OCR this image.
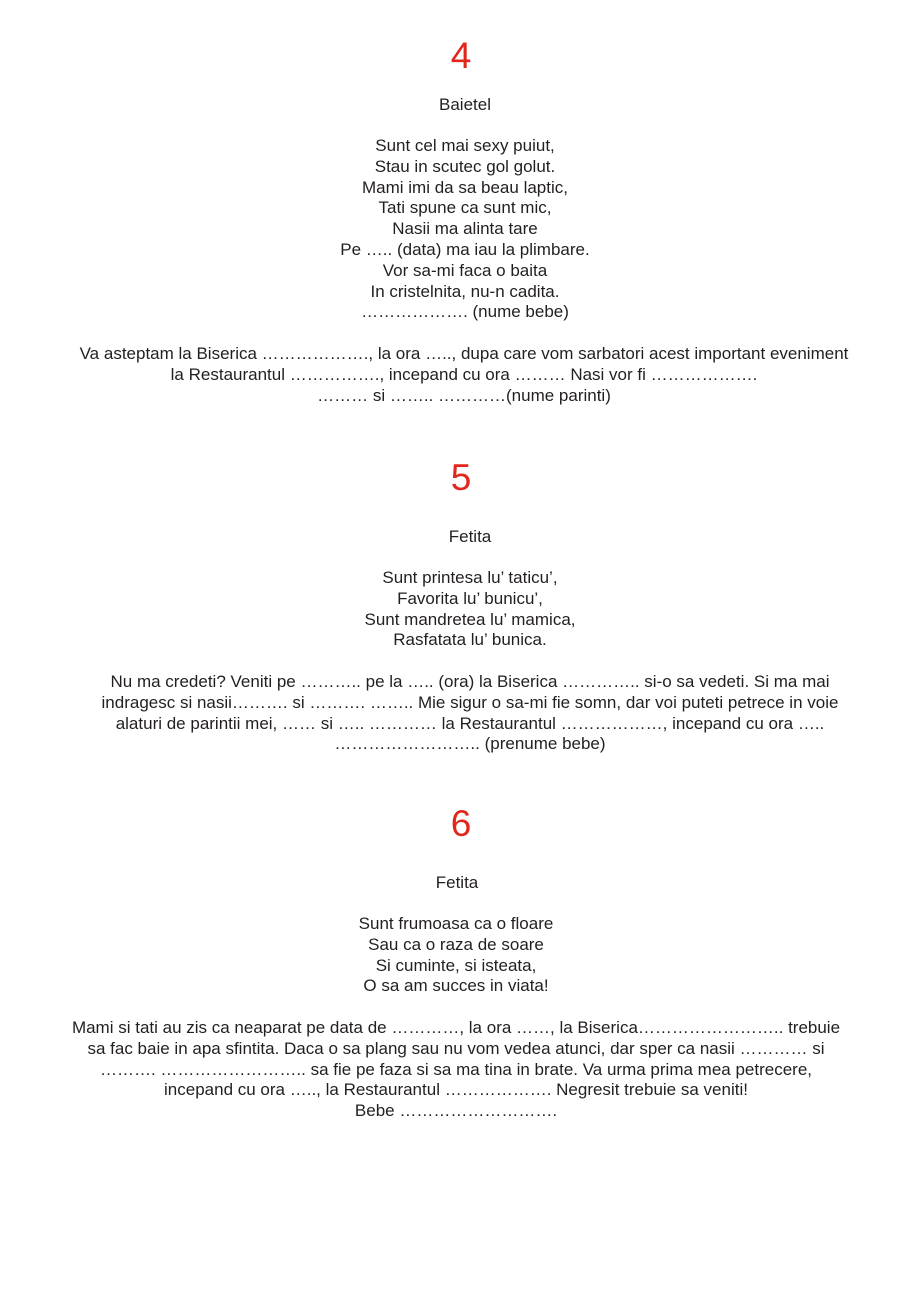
4
Baietel
Sunt cel mai sexy puiut,
Stau in scutec gol golut.
Mami imi da sa beau laptic,
Tati spune ca sunt mic,
Nasii ma alinta tare
Pe ….. (data) ma iau la plimbare.
Vor sa-mi faca o baita
In cristelnita, nu-n cadita.
………………. (nume bebe)
Va asteptam la Biserica ………………., la ora ….., dupa care vom sarbatori acest important eveniment
la Restaurantul ……………., incepand cu ora ……… Nasi vor fi ……………….
……… si …….. …………(nume parinti)
5
Fetita
Sunt printesa lu’ taticu’,
Favorita lu’ bunicu’,
Sunt mandretea lu’ mamica,
Rasfatata lu’ bunica.
Nu ma credeti? Veniti pe ……….. pe la ….. (ora) la Biserica ………….. si-o sa vedeti. Si ma mai
indragesc si nasii………. si ………. …….. Mie sigur o sa-mi fie somn, dar voi puteti petrece in voie
alaturi de parintii mei, …… si ….. ………… la Restaurantul ………………, incepand cu ora …..
…………………….. (prenume bebe)
6
Fetita
Sunt frumoasa ca o floare
Sau ca o raza de soare
Si cuminte, si isteata,
O sa am succes in viata!
Mami si tati au zis ca neaparat pe data de …………, la ora ……, la Biserica…………………….. trebuie
sa fac baie in apa sfintita. Daca o sa plang sau nu vom vedea atunci, dar sper ca nasii ………… si
………. …………………….. sa fie pe faza si sa ma tina in brate. Va urma prima mea petrecere,
incepand cu ora ….., la Restaurantul ………………. Negresit trebuie sa veniti!
Bebe ……………………….
